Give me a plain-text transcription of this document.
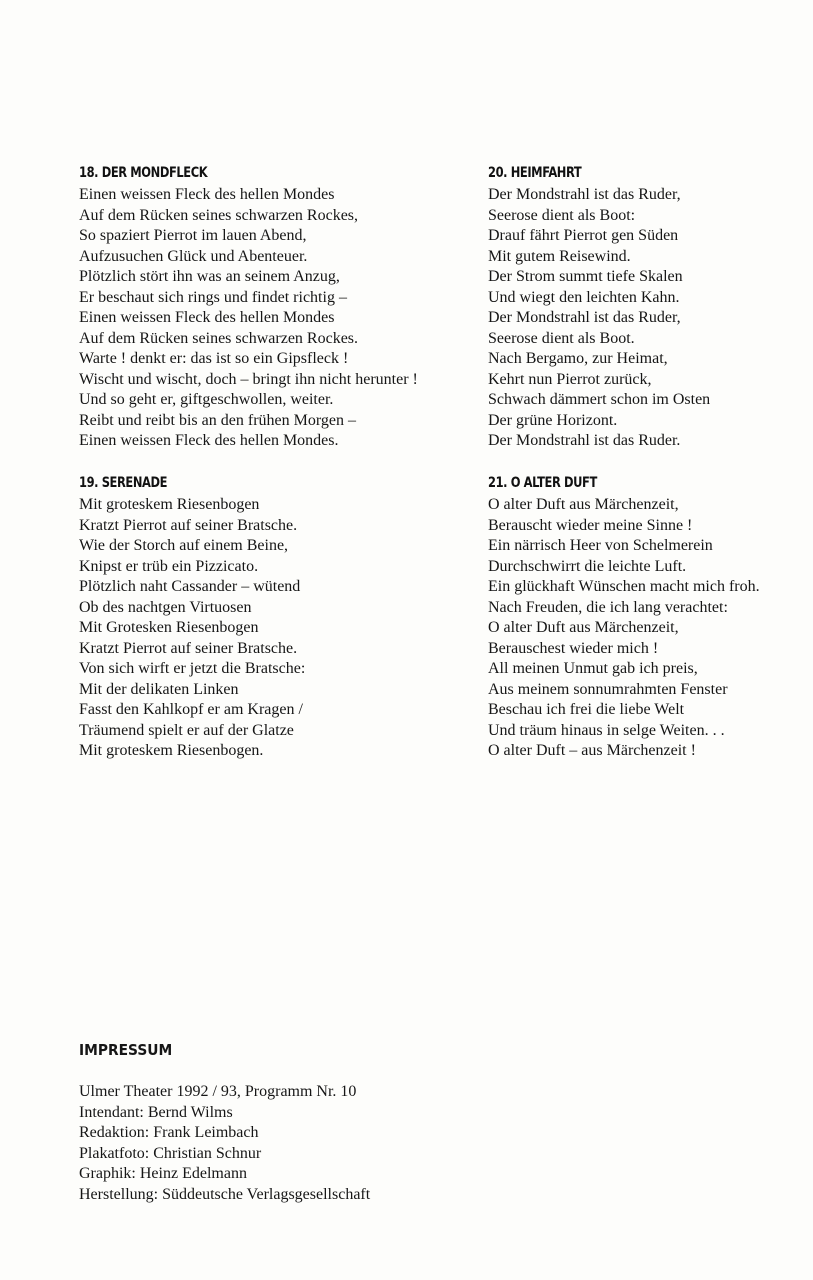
18. DER MONDFLECK
Einen weissen Fleck des hellen Mondes
Auf dem Rücken seines schwarzen Rockes,
So spaziert Pierrot im lauen Abend,
Aufzusuchen Glück und Abenteuer.
Plötzlich stört ihn was an seinem Anzug,
Er beschaut sich rings und findet richtig –
Einen weissen Fleck des hellen Mondes
Auf dem Rücken seines schwarzen Rockes.
Warte ! denkt er: das ist so ein Gipsfleck !
Wischt und wischt, doch – bringt ihn nicht herunter !
Und so geht er, giftgeschwollen, weiter.
Reibt und reibt bis an den frühen Morgen –
Einen weissen Fleck des hellen Mondes.
19. SERENADE
Mit groteskem Riesenbogen
Kratzt Pierrot auf seiner Bratsche.
Wie der Storch auf einem Beine,
Knipst er trüb ein Pizzicato.
Plötzlich naht Cassander – wütend
Ob des nachtgen Virtuosen
Mit Grotesken Riesenbogen
Kratzt Pierrot auf seiner Bratsche.
Von sich wirft er jetzt die Bratsche:
Mit der delikaten Linken
Fasst den Kahlkopf er am Kragen /
Träumend spielt er auf der Glatze
Mit groteskem Riesenbogen.
20. HEIMFAHRT
Der Mondstrahl ist das Ruder,
Seerose dient als Boot:
Drauf fährt Pierrot gen Süden
Mit gutem Reisewind.
Der Strom summt tiefe Skalen
Und wiegt den leichten Kahn.
Der Mondstrahl ist das Ruder,
Seerose dient als Boot.
Nach Bergamo, zur Heimat,
Kehrt nun Pierrot zurück,
Schwach dämmert schon im Osten
Der grüne Horizont.
Der Mondstrahl ist das Ruder.
21. O ALTER DUFT
O alter Duft aus Märchenzeit,
Berauscht wieder meine Sinne !
Ein närrisch Heer von Schelmerein
Durchschwirrt die leichte Luft.
Ein glückhaft Wünschen macht mich froh.
Nach Freuden, die ich lang verachtet:
O alter Duft aus Märchenzeit,
Berauschest wieder mich !
All meinen Unmut gab ich preis,
Aus meinem sonnumrahmten Fenster
Beschau ich frei die liebe Welt
Und träum hinaus in selge Weiten. . .
O alter Duft – aus Märchenzeit !
IMPRESSUM
Ulmer Theater 1992 / 93, Programm Nr. 10
Intendant: Bernd Wilms
Redaktion: Frank Leimbach
Plakatfoto: Christian Schnur
Graphik: Heinz Edelmann
Herstellung: Süddeutsche Verlagsgesellschaft
